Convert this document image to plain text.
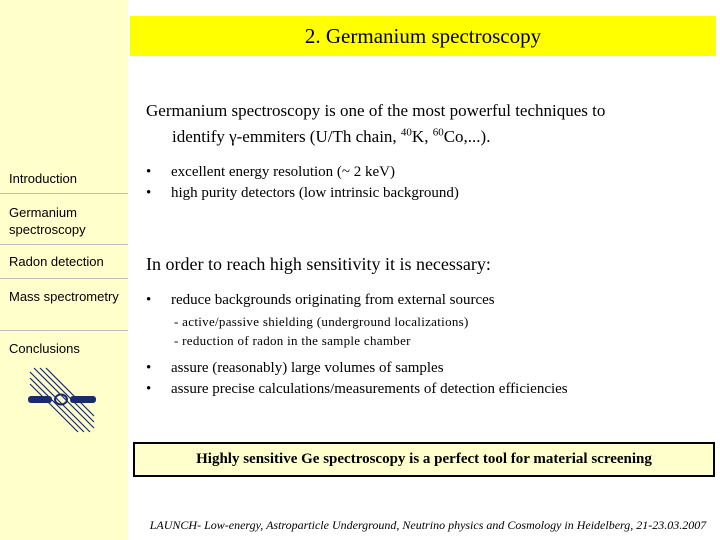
Introduction
Germanium spectroscopy
Radon detection
Mass spectrometry
Conclusions
2. Germanium spectroscopy
Germanium spectroscopy is one of the most powerful techniques to
identify γ-emmiters (U/Th chain, $^{40}$K, $^{60}$Co,...).
• excellent energy resolution (~ 2 keV)
• high purity detectors (low intrinsic background)
In order to reach high sensitivity it is necessary:
• reduce backgrounds originating from external sources
- active/passive shielding (underground localizations)
- reduction of radon in the sample chamber
• assure (reasonably) large volumes of samples
• assure precise calculations/measurements of detection efficiencies
Highly sensitive Ge spectroscopy is a perfect tool for material screening
LAUNCH- Low-energy, Astroparticle Underground, Neutrino physics and Cosmology in Heidelberg, 21-23.03.2007
